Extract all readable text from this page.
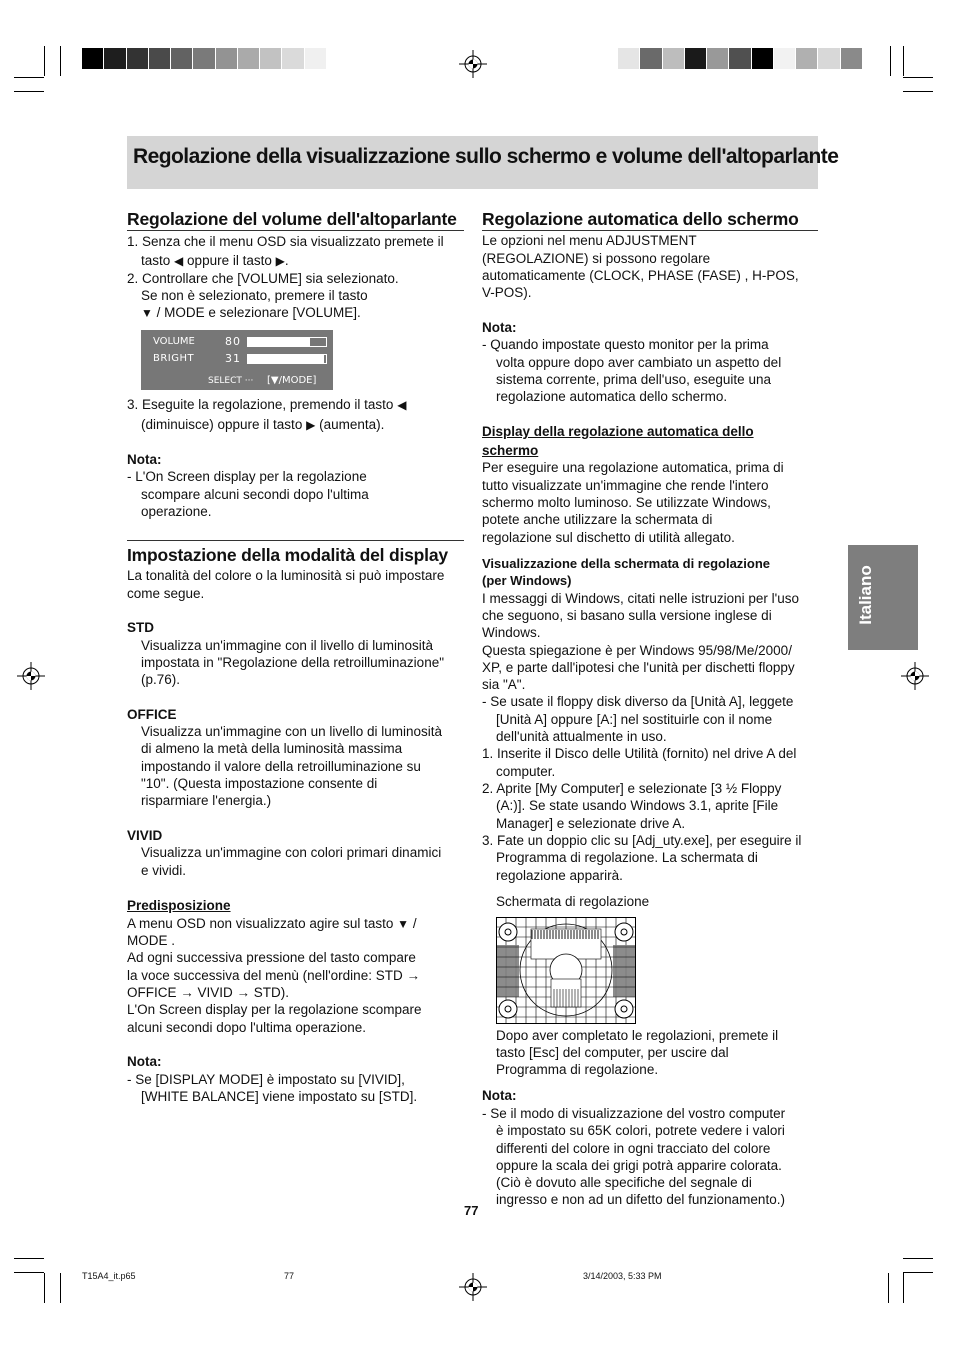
Regolazione della visualizzazione sullo schermo e volume dell'altoparlante
Italiano
Regolazione del volume dell'altoparlante
1. Senza che il menu OSD sia visualizzato premete il
tasto ◀ oppure il tasto ▶.
2. Controllare che [VOLUME] sia selezionato.
Se non è selezionato, premere il tasto
▼ / MODE e selezionare [VOLUME].
VOLUME	80
BRIGHT	31
SELECT ··· [▼/MODE]
3. Eseguite la regolazione, premendo il tasto ◀
(diminuisce) oppure il tasto ▶ (aumenta).
Nota:
- L'On Screen display per la regolazione
scompare alcuni secondi dopo l'ultima
operazione.
Impostazione della modalità del display
La tonalità del colore o la luminosità si può impostare
come segue.
STD
Visualizza un'immagine con il livello di luminosità
impostata in "Regolazione della retroilluminazione"
(p.76).
OFFICE
Visualizza un'immagine con un livello di luminosità
di almeno la metà della luminosità massima
impostando il valore della retroilluminazione su
"10". (Questa impostazione consente di
risparmiare l'energia.)
VIVID
Visualizza un'immagine con colori primari dinamici
e vividi.
Predisposizione
A menu OSD non visualizzato agire sul tasto ▼ /
MODE .
Ad ogni successiva pressione del tasto compare
la voce successiva del menù (nell'ordine: STD →
OFFICE → VIVID → STD).
L'On Screen display per la regolazione scompare
alcuni secondi dopo l'ultima operazione.
Nota:
- Se [DISPLAY MODE] è impostato su [VIVID],
[WHITE BALANCE] viene impostato su [STD].
Regolazione automatica dello schermo
Le opzioni nel menu ADJUSTMENT
(REGOLAZIONE) si possono regolare
automaticamente (CLOCK, PHASE (FASE) , H-POS,
V-POS).
Nota:
- Quando impostate questo monitor per la prima
volta oppure dopo aver cambiato un aspetto del
sistema corrente, prima dell'uso, eseguite una
regolazione automatica dello schermo.
Display della regolazione automatica dello
schermo
Per eseguire una regolazione automatica, prima di
tutto visualizzate un'immagine che rende l'intero
schermo molto luminoso. Se utilizzate Windows,
potete anche utilizzare la schermata di
regolazione sul dischetto di utilità allegato.
Visualizzazione della schermata di regolazione
(per Windows)
I messaggi di Windows, citati nelle istruzioni per l'uso
che seguono, si basano sulla versione inglese di
Windows.
Questa spiegazione è per Windows 95/98/Me/2000/
XP, e parte dall'ipotesi che l'unità per dischetti floppy
sia "A".
- Se usate il floppy disk diverso da [Unità A], leggete
[Unità A] oppure [A:] nel sostituirle con il nome
dell'unità attualmente in uso.
1. Inserite il Disco delle Utilità (fornito) nel drive A del
computer.
2. Aprite [My Computer] e selezionate [3 ½ Floppy
(A:)]. Se state usando Windows 3.1, aprite [File
Manager] e selezionate drive A.
3. Fate un doppio clic su [Adj_uty.exe], per eseguire il
Programma di regolazione. La schermata di
regolazione apparirà.
Schermata di regolazione
Dopo aver completato le regolazioni, premete il
tasto [Esc] del computer, per uscire dal
Programma di regolazione.
Nota:
- Se il modo di visualizzazione del vostro computer
è impostato su 65K colori, potrete vedere i valori
differenti del colore in ogni tracciato del colore
oppure la scala dei grigi potrà apparire colorata.
(Ciò è dovuto alle specifiche del segnale di
ingresso e non ad un difetto del funzionamento.)
77
T15A4_it.p65	77	3/14/2003, 5:33 PM
